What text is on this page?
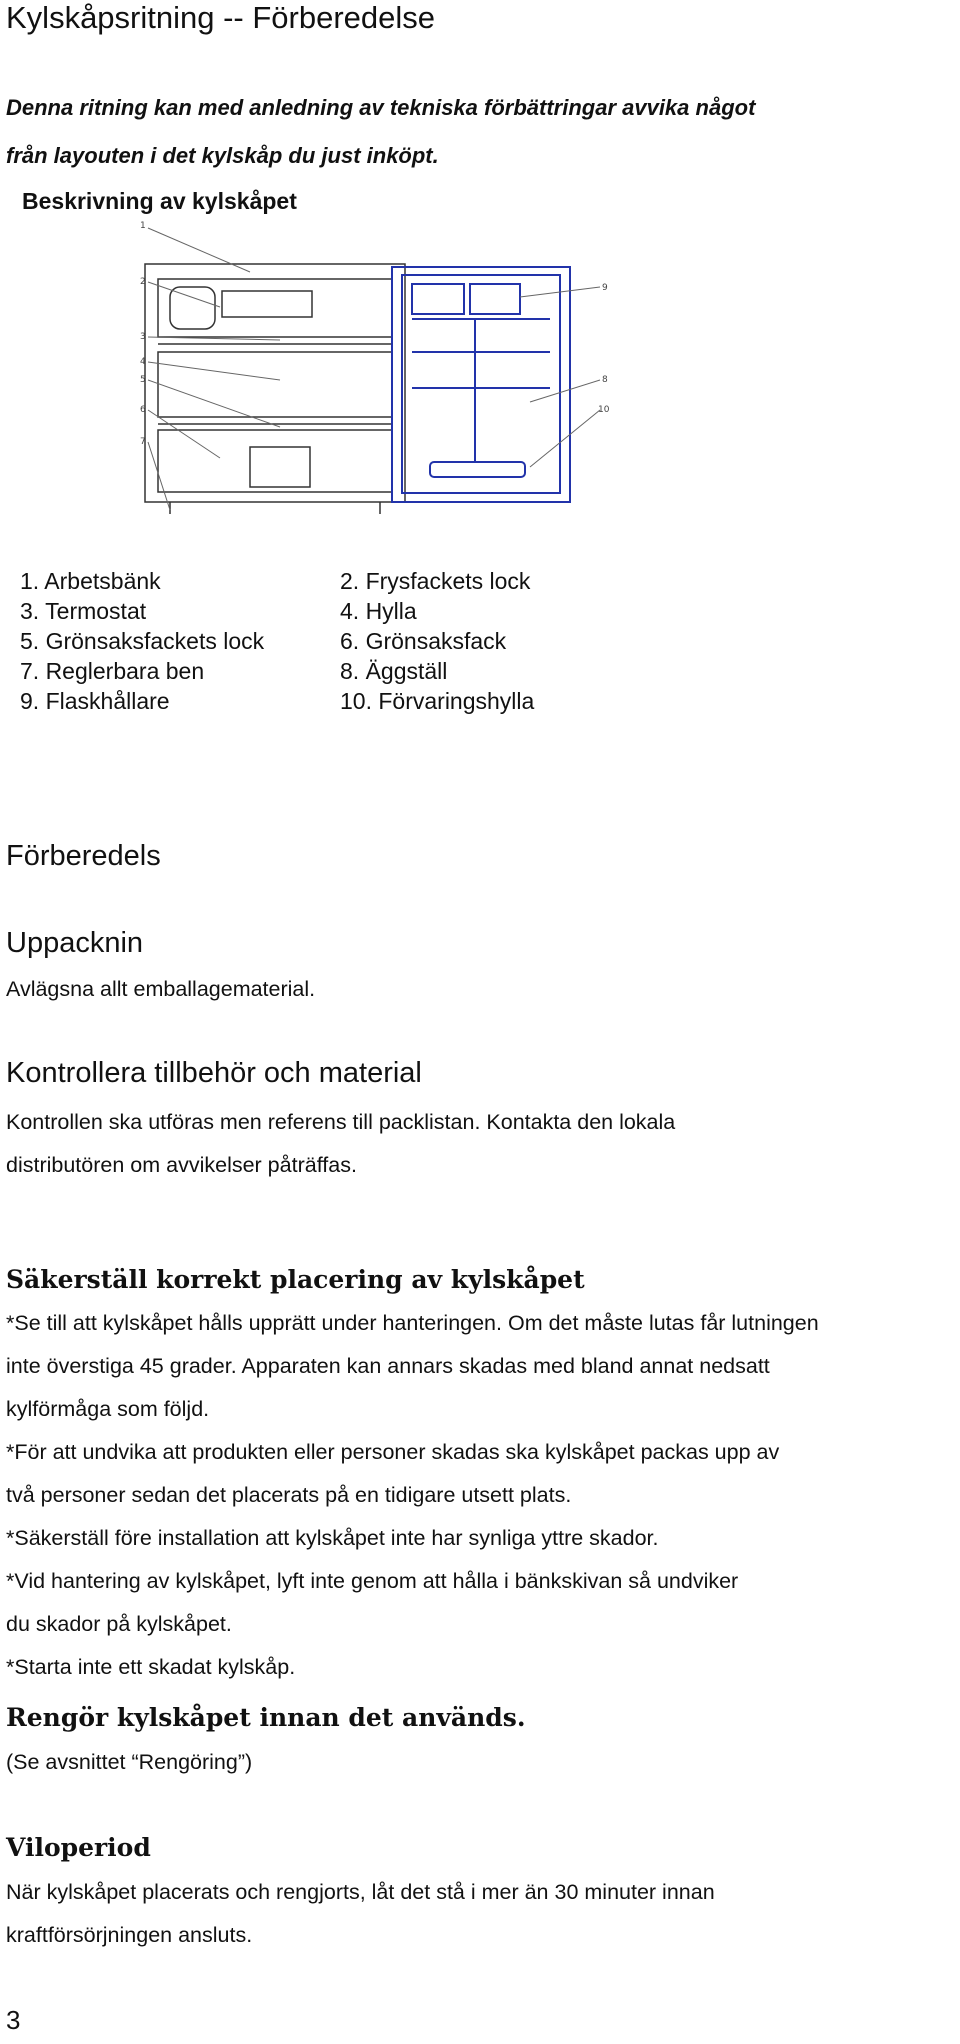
Kylskåpsritning -- Förberedelse
Denna ritning kan med anledning av tekniska förbättringar avvika något
från layouten i det kylskåp du just inköpt.
Beskrivning av kylskåpet
1
2
3
4
5
6
7
9
8
10
1. Arbetsbänk	2. Frysfackets lock
3. Termostat	4. Hylla
5. Grönsaksfackets lock	6. Grönsaksfack
7. Reglerbara ben	8. Äggställ
9. Flaskhållare	10. Förvaringshylla
Förberedels
Uppacknin
Avlägsna allt emballagematerial.
Kontrollera tillbehör och material
Kontrollen ska utföras men referens till packlistan. Kontakta den lokala
distributören om avvikelser påträffas.
Säkerställ korrekt placering av kylskåpet
*Se till att kylskåpet hålls upprätt under hanteringen. Om det måste lutas får lutningen
inte överstiga 45 grader. Apparaten kan annars skadas med bland annat nedsatt
kylförmåga som följd.
*För att undvika att produkten eller personer skadas ska kylskåpet packas upp av
två personer sedan det placerats på en tidigare utsett plats.
*Säkerställ före installation att kylskåpet inte har synliga yttre skador.
*Vid hantering av kylskåpet, lyft inte genom att hålla i bänkskivan så undviker
du skador på kylskåpet.
*Starta inte ett skadat kylskåp.
Rengör kylskåpet innan det används.
(Se avsnittet “Rengöring”)
Viloperiod
När kylskåpet placerats och rengjorts, låt det stå i mer än 30 minuter innan
kraftförsörjningen ansluts.
3
